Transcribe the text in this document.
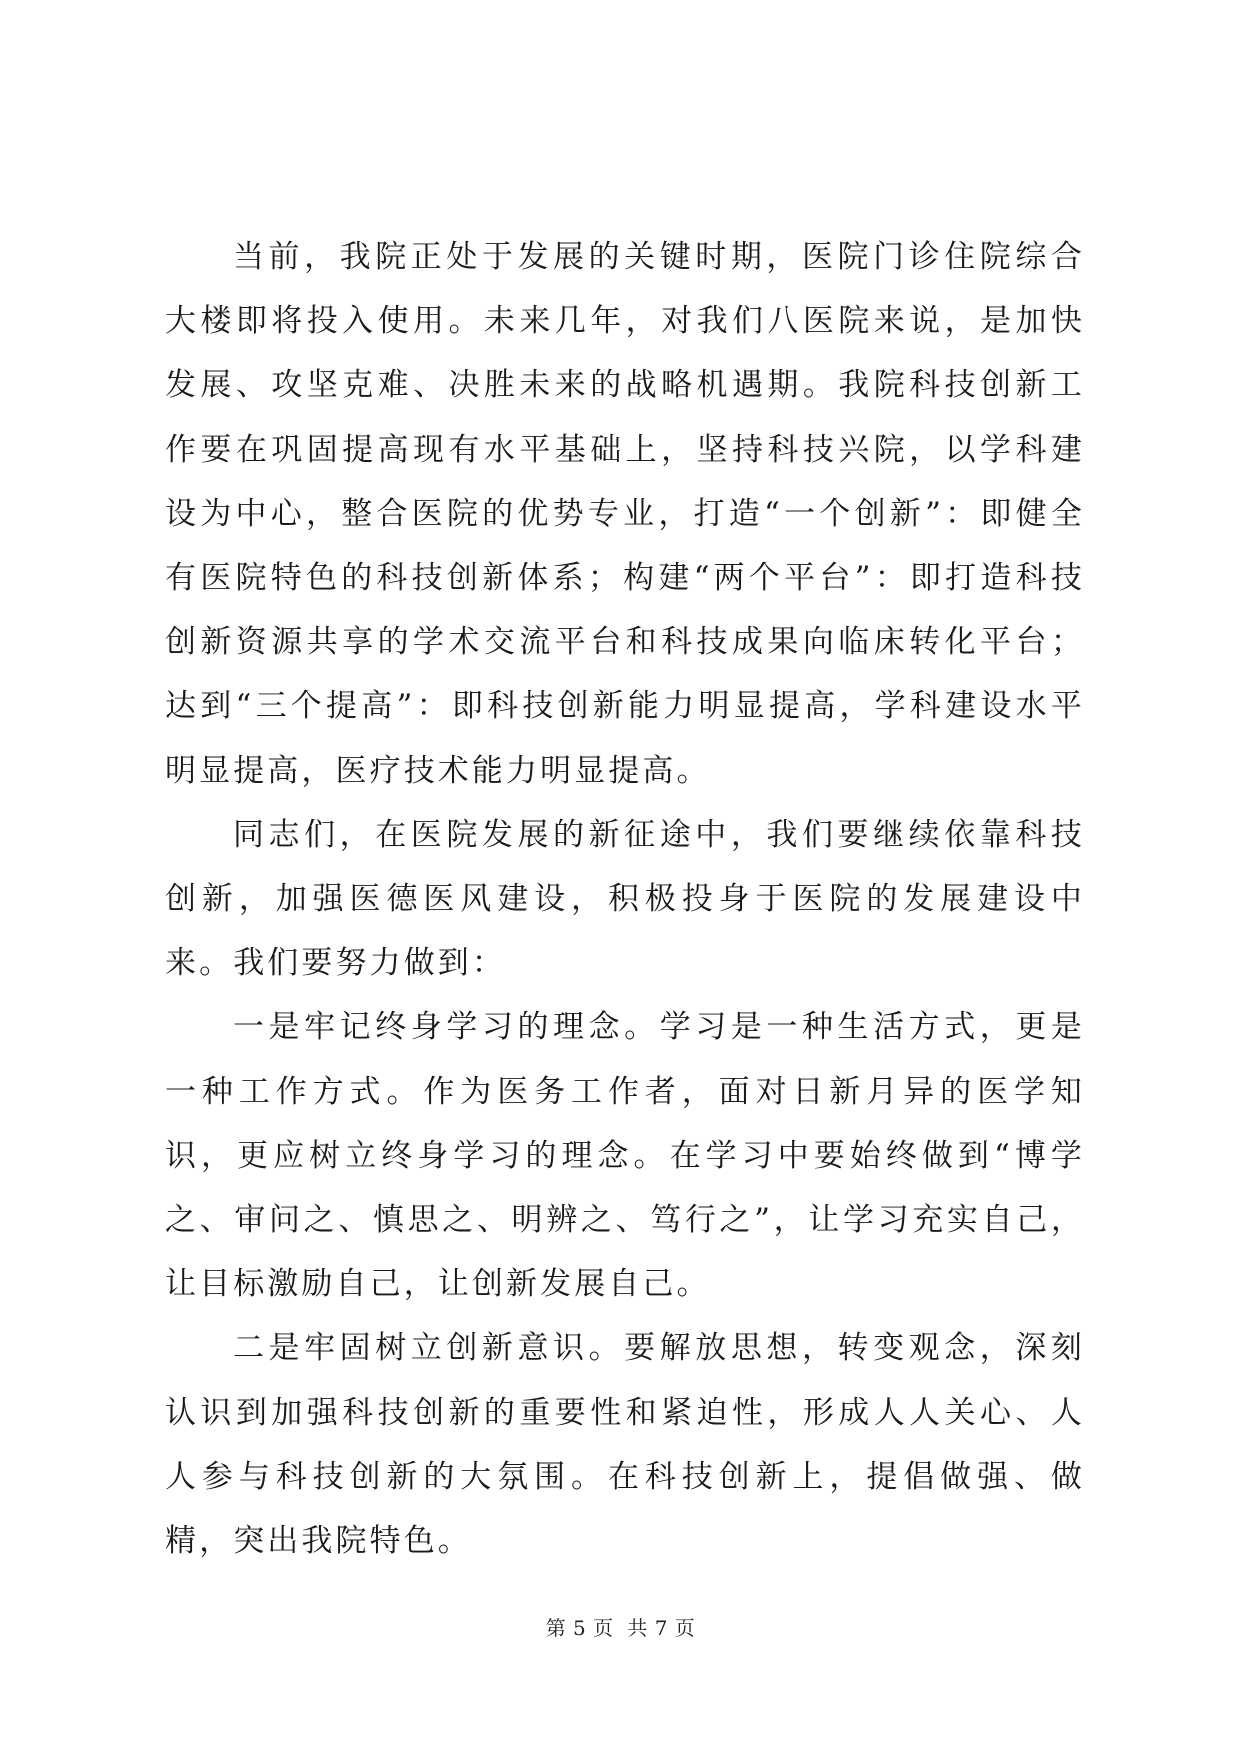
当前，我院正处于发展的关键时期，医院门诊住院综合大楼即将投入使用。未来几年，对我们八医院来说，是加快发展、攻坚克难、决胜未来的战略机遇期。我院科技创新工作要在巩固提高现有水平基础上，坚持科技兴院，以学科建设为中心，整合医院的优势专业，打造“一个创新”：即健全有医院特色的科技创新体系；构建“两个平台”：即打造科技创新资源共享的学术交流平台和科技成果向临床转化平台；达到“三个提高”：即科技创新能力明显提高，学科建设水平明显提高，医疗技术能力明显提高。

同志们，在医院发展的新征途中，我们要继续依靠科技创新，加强医德医风建设，积极投身于医院的发展建设中来。我们要努力做到：

一是牢记终身学习的理念。学习是一种生活方式，更是一种工作方式。作为医务工作者，面对日新月异的医学知识，更应树立终身学习的理念。在学习中要始终做到“博学之、审问之、慎思之、明辨之、笃行之”，让学习充实自己，让目标激励自己，让创新发展自己。

二是牢固树立创新意识。要解放思想，转变观念，深刻认识到加强科技创新的重要性和紧迫性，形成人人关心、人人参与科技创新的大氛围。在科技创新上，提倡做强、做精，突出我院特色。

第 5 页  共 7 页
